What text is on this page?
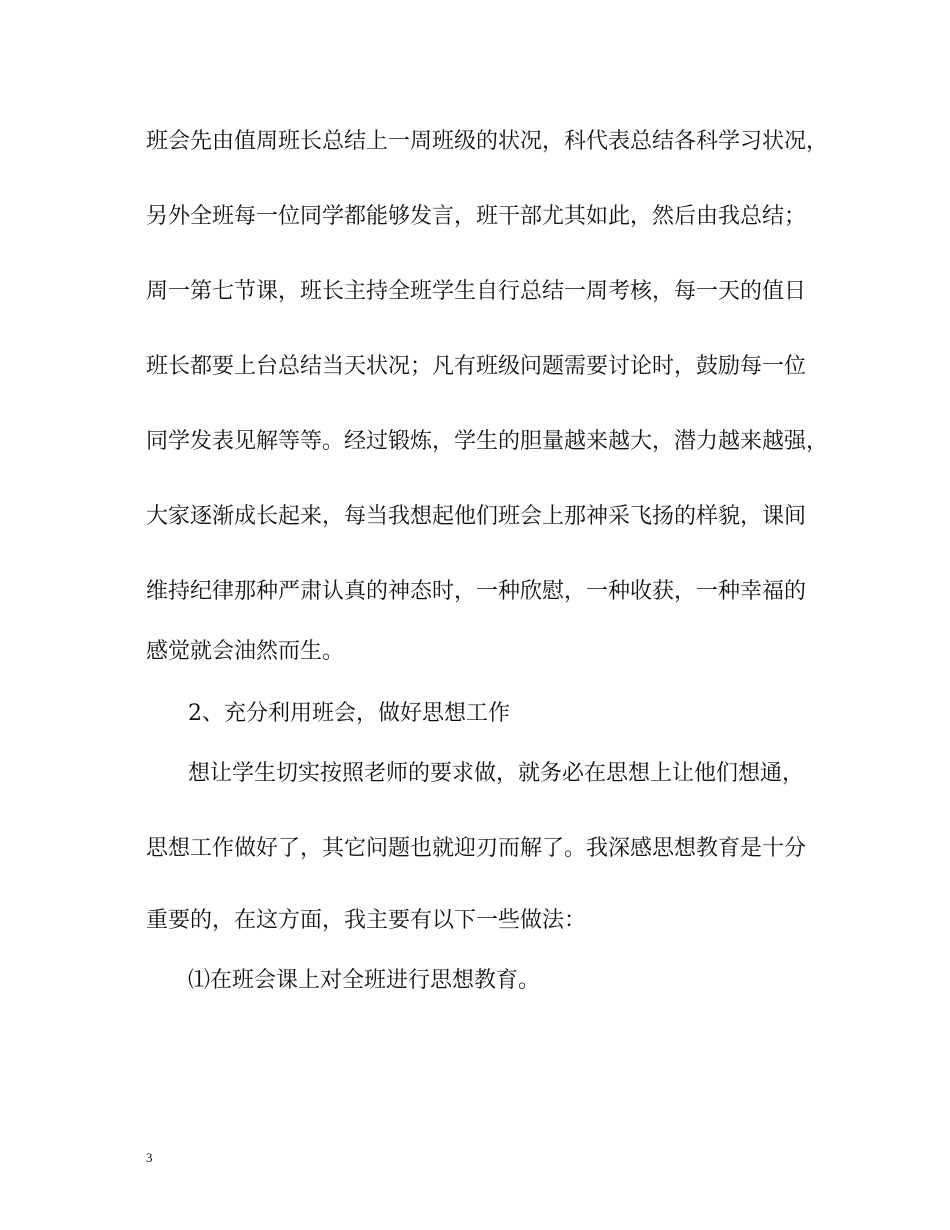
班会先由值周班长总结上一周班级的状况，科代表总结各科学习状况，

另外全班每一位同学都能够发言，班干部尤其如此，然后由我总结；

周一第七节课，班长主持全班学生自行总结一周考核，每一天的值日

班长都要上台总结当天状况；凡有班级问题需要讨论时，鼓励每一位

同学发表见解等等。经过锻炼，学生的胆量越来越大，潜力越来越强，

大家逐渐成长起来，每当我想起他们班会上那神采飞扬的样貌，课间

维持纪律那种严肃认真的神态时，一种欣慰，一种收获，一种幸福的

感觉就会油然而生。

2、充分利用班会，做好思想工作

想让学生切实按照老师的要求做，就务必在思想上让他们想通，

思想工作做好了，其它问题也就迎刃而解了。我深感思想教育是十分

重要的，在这方面，我主要有以下一些做法：

⑴在班会课上对全班进行思想教育。

3
